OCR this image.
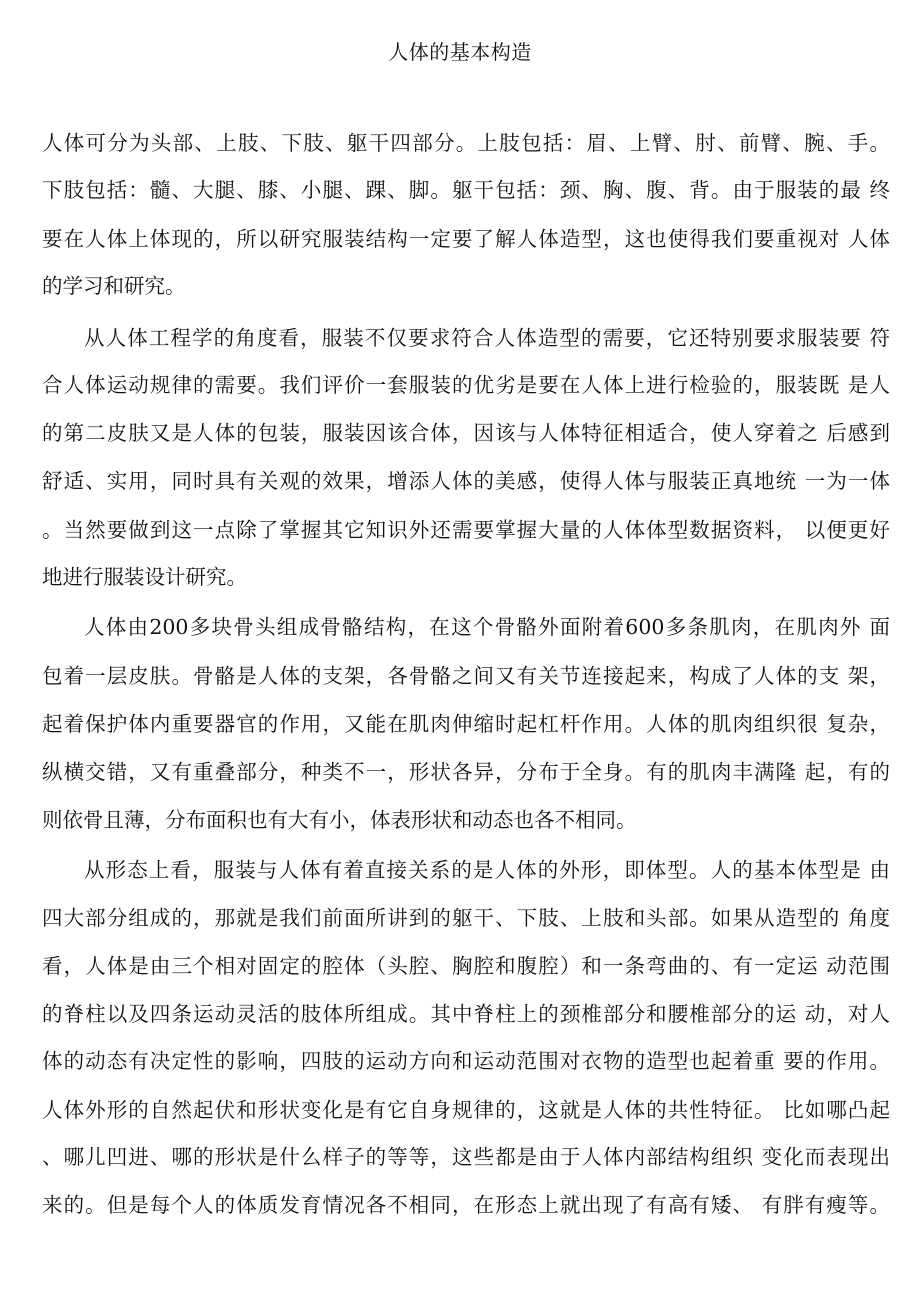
人体的基本构造
人体可分为头部、上肢、下肢、躯干四部分。上肢包括：眉、上臂、肘、前臂、腕、手。
下肢包括：髓、大腿、膝、小腿、踝、脚。躯干包括：颈、胸、腹、背。由于服装的最 终
要在人体上体现的，所以研究服装结构一定要了解人体造型，这也使得我们要重视对 人体
的学习和研究。
从人体工程学的角度看，服装不仅要求符合人体造型的需要，它还特别要求服装要 符
合人体运动规律的需要。我们评价一套服装的优劣是要在人体上进行检验的，服装既 是人
的第二皮肤又是人体的包装，服装因该合体，因该与人体特征相适合，使人穿着之 后感到
舒适、实用，同时具有关观的效果，增添人体的美感，使得人体与服装正真地统 一为一体
。当然要做到这一点除了掌握其它知识外还需要掌握大量的人体体型数据资料， 以便更好
地进行服装设计研究。
人体由200多块骨头组成骨骼结构，在这个骨骼外面附着600多条肌肉，在肌肉外 面
包着一层皮肤。骨骼是人体的支架，各骨骼之间又有关节连接起来，构成了人体的支 架，
起着保护体内重要器官的作用，又能在肌肉伸缩时起杠杆作用。人体的肌肉组织很 复杂，
纵横交错，又有重叠部分，种类不一，形状各异，分布于全身。有的肌肉丰满隆 起，有的
则依骨且薄，分布面积也有大有小，体表形状和动态也各不相同。
从形态上看，服装与人体有着直接关系的是人体的外形，即体型。人的基本体型是 由
四大部分组成的，那就是我们前面所讲到的躯干、下肢、上肢和头部。如果从造型的 角度
看，人体是由三个相对固定的腔体（头腔、胸腔和腹腔）和一条弯曲的、有一定运 动范围
的脊柱以及四条运动灵活的肢体所组成。其中脊柱上的颈椎部分和腰椎部分的运 动，对人
体的动态有决定性的影响，四肢的运动方向和运动范围对衣物的造型也起着重 要的作用。
人体外形的自然起伏和形状变化是有它自身规律的，这就是人体的共性特征。 比如哪凸起
、哪儿凹进、哪的形状是什么样子的等等，这些都是由于人体内部结构组织 变化而表现出
来的。但是每个人的体质发育情况各不相同，在形态上就出现了有高有矮、 有胖有瘦等。
